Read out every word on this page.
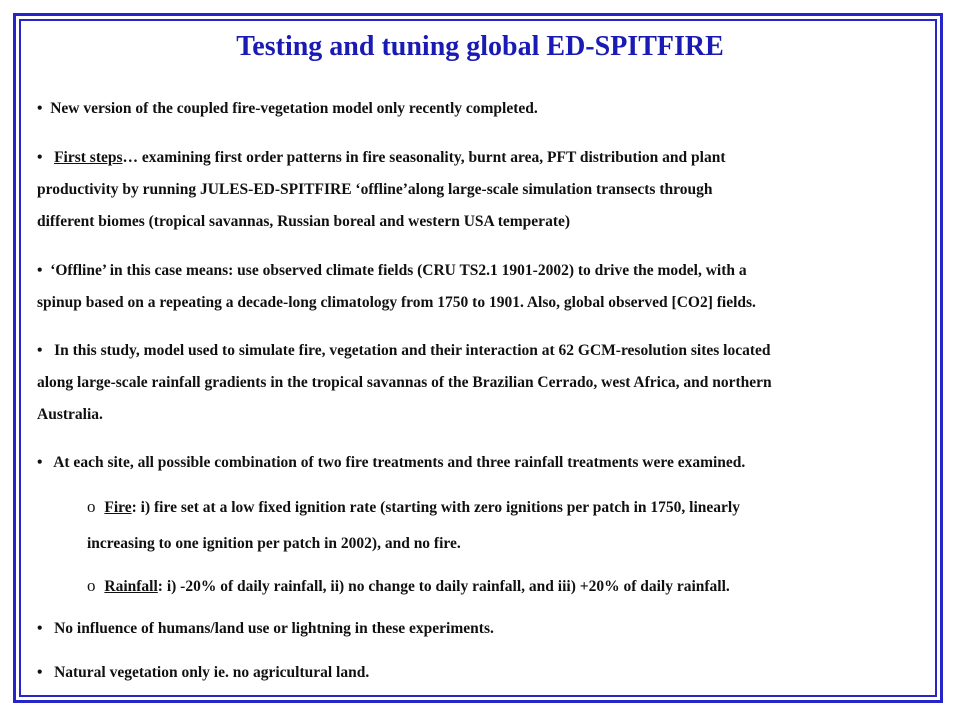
Testing and tuning global ED-SPITFIRE
•  New version of the coupled fire-vegetation model only recently completed.
•   First steps… examining first order patterns in fire seasonality, burnt area, PFT distribution and plant
productivity by running JULES-ED-SPITFIRE ‘offline’along large-scale simulation transects through
different biomes (tropical savannas, Russian boreal and western USA temperate)
•  ‘Offline’ in this case means: use observed climate fields (CRU TS2.1 1901-2002) to drive the model, with a
spinup based on a repeating a decade-long climatology from 1750 to 1901. Also, global observed [CO2] fields.
•   In this study, model used to simulate fire, vegetation and their interaction at 62 GCM-resolution sites located
along large-scale rainfall gradients in the tropical savannas of the Brazilian Cerrado, west Africa, and northern
Australia.
•   At each site, all possible combination of two fire treatments and three rainfall treatments were examined.
o Fire: i) fire set at a low fixed ignition rate (starting with zero ignitions per patch in 1750, linearly
increasing to one ignition per patch in 2002), and no fire.
o Rainfall: i) -20% of daily rainfall, ii) no change to daily rainfall, and iii) +20% of daily rainfall.
•   No influence of humans/land use or lightning in these experiments.
•   Natural vegetation only ie. no agricultural land.
